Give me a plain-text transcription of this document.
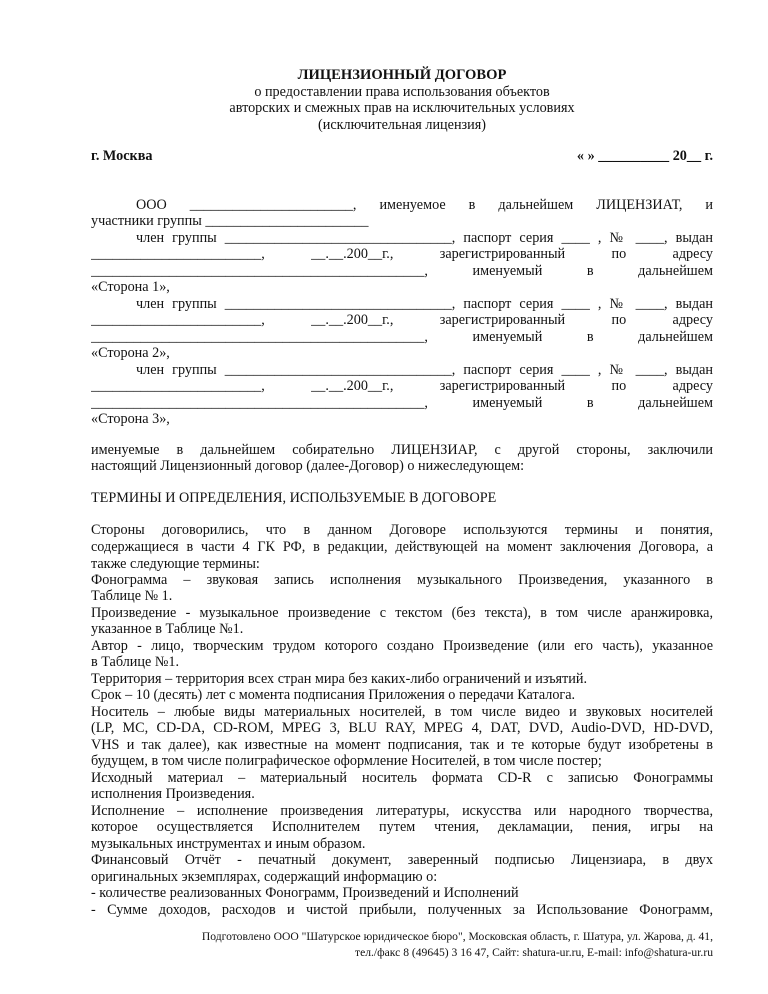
ЛИЦЕНЗИОННЫЙ ДОГОВОР

о предоставлении права использования объектов

авторских и смежных прав на исключительных условиях

(исключительная лицензия)

г. Москва	« » __________ 20__ г.

ООО _______________________, именуемое в дальнейшем ЛИЦЕНЗИАТ, и

участники группы _______________________

член группы ________________________________, паспорт серия ____ , № ____, выдан

________________________, __.__.200__г., зарегистрированный по адресу

_______________________________________________, именуемый в дальнейшем

«Сторона 1»,

член группы ________________________________, паспорт серия ____ , № ____, выдан

________________________, __.__.200__г., зарегистрированный по адресу

_______________________________________________, именуемый в дальнейшем

«Сторона 2»,

член группы ________________________________, паспорт серия ____ , № ____, выдан

________________________, __.__.200__г., зарегистрированный по адресу

_______________________________________________, именуемый в дальнейшем

«Сторона 3»,

именуемые в дальнейшем собирательно ЛИЦЕНЗИАР, с другой стороны, заключили

настоящий Лицензионный договор (далее-Договор) о нижеследующем:

ТЕРМИНЫ И ОПРЕДЕЛЕНИЯ, ИСПОЛЬЗУЕМЫЕ В ДОГОВОРЕ

Стороны договорились, что в данном Договоре используются термины и понятия,

содержащиеся в части 4 ГК РФ, в редакции, действующей на момент заключения Договора, а

также следующие термины:

Фонограмма – звуковая запись исполнения музыкального Произведения, указанного в

Таблице № 1.

Произведение - музыкальное произведение с текстом (без текста), в том числе аранжировка,

указанное в Таблице №1.

Автор - лицо, творческим трудом которого создано Произведение (или его часть), указанное

в Таблице №1.

Территория – территория всех стран мира без каких-либо ограничений и изъятий.

Срок – 10 (десять) лет с момента подписания Приложения о передачи Каталога.

Носитель – любые виды материальных носителей, в том числе видео и звуковых носителей

(LP, MC, CD-DA, CD-ROM, MPEG 3, BLU RAY, MPEG 4, DAT, DVD, Audio-DVD, HD-DVD,

VHS и так далее), как известные на момент подписания, так и те которые будут изобретены в

будущем, в том числе полиграфическое оформление Носителей, в том числе постер;

Исходный материал – материальный носитель формата CD-R с записью Фонограммы

исполнения Произведения.

Исполнение – исполнение произведения литературы, искусства или народного творчества,

которое осуществляется Исполнителем путем чтения, декламации, пения, игры на

музыкальных инструментах и иным образом.

Финансовый Отчёт - печатный документ, заверенный подписью Лицензиара, в двух

оригинальных экземплярах, содержащий информацию о:

- количестве реализованных Фонограмм, Произведений и Исполнений

- Сумме доходов, расходов и чистой прибыли, полученных за Использование Фонограмм,

Подготовлено ООО "Шатурское юридическое бюро", Московская область, г. Шатура, ул. Жарова, д. 41,
тел./факс 8 (49645) 3 16 47, Сайт: shatura-ur.ru, E-mail: info@shatura-ur.ru
